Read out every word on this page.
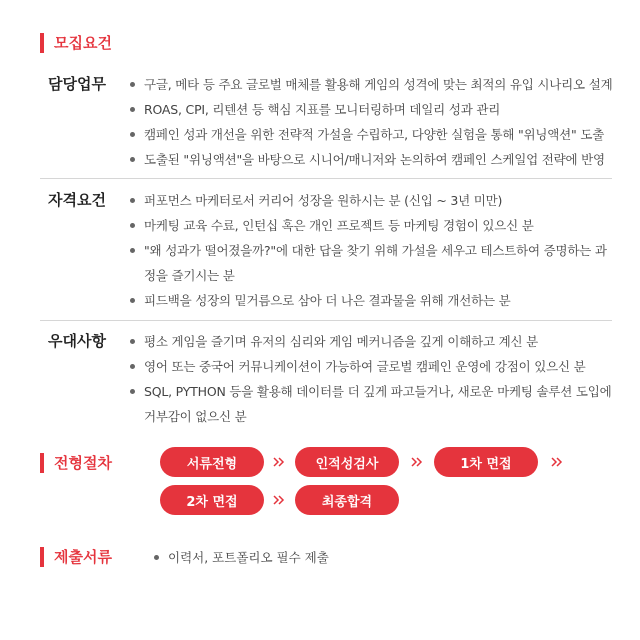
모집요건
담당업무	구글, 메타 등 주요 글로벌 매체를 활용해 게임의 성격에 맞는 최적의 유입 시나리오 설계
ROAS, CPI, 리텐션 등 핵심 지표를 모니터링하며 데일리 성과 관리
캠페인 성과 개선을 위한 전략적 가설을 수립하고, 다양한 실험을 통해 "위닝액션" 도출
도출된 "위닝액션"을 바탕으로 시니어/매니저와 논의하여 캠페인 스케일업 전략에 반영
자격요건	퍼포먼스 마케터로서 커리어 성장을 원하시는 분 (신입 ~ 3년 미만)
마케팅 교육 수료, 인턴십 혹은 개인 프로젝트 등 마케팅 경험이 있으신 분
"왜 성과가 떨어졌을까?"에 대한 답을 찾기 위해 가설을 세우고 테스트하여 증명하는 과정을 즐기시는 분
피드백을 성장의 밑거름으로 삼아 더 나은 결과물을 위해 개선하는 분
우대사항	평소 게임을 즐기며 유저의 심리와 게임 메커니즘을 깊게 이해하고 계신 분
영어 또는 중국어 커뮤니케이션이 가능하여 글로벌 캠페인 운영에 강점이 있으신 분
SQL, PYTHON 등을 활용해 데이터를 더 깊게 파고들거나, 새로운 마케팅 솔루션 도입에 거부감이 없으신 분
전형절차	서류전형	인적성검사	1차 면접
2차 면접	최종합격
제출서류	이력서, 포트폴리오 필수 제출
